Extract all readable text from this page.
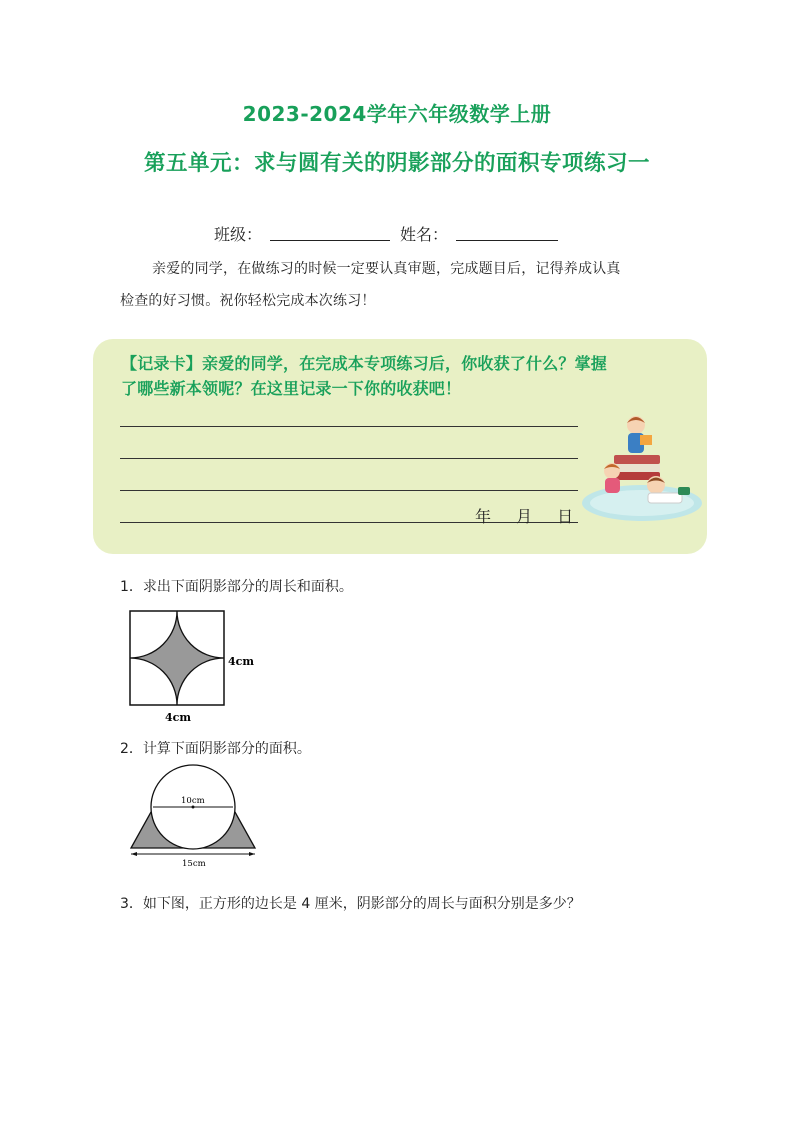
2023-2024学年六年级数学上册
第五单元：求与圆有关的阴影部分的面积专项练习一
班级：	姓名：
亲爱的同学，在做练习的时候一定要认真审题，完成题目后，记得养成认真
检查的好习惯。祝你轻松完成本次练习！
【记录卡】亲爱的同学，在完成本专项练习后，你收获了什么？掌握
了哪些新本领呢？在这里记录一下你的收获吧！
年 月 日
1．求出下面阴影部分的周长和面积。
4cm
4cm
2．计算下面阴影部分的面积。
10cm
15cm
3．如下图，正方形的边长是 4 厘米，阴影部分的周长与面积分别是多少？
